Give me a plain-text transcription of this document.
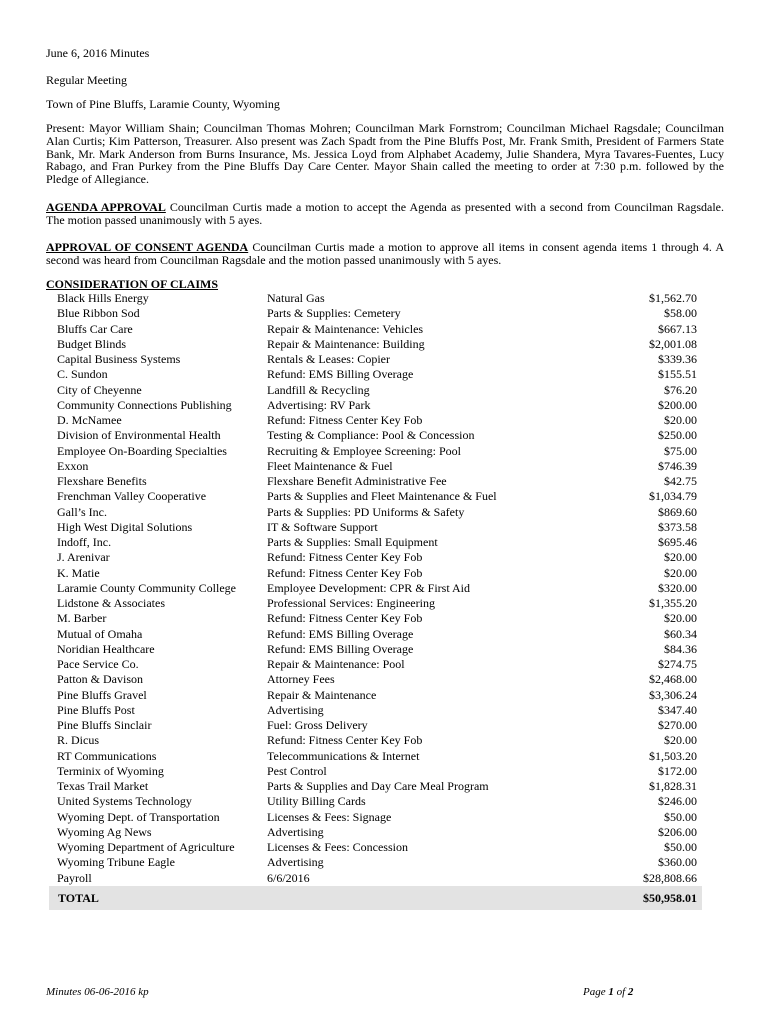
June 6, 2016 Minutes
Regular Meeting
Town of Pine Bluffs, Laramie County, Wyoming
Present: Mayor William Shain; Councilman Thomas Mohren; Councilman Mark Fornstrom; Councilman Michael Ragsdale; Councilman Alan Curtis; Kim Patterson, Treasurer. Also present was Zach Spadt from the Pine Bluffs Post, Mr. Frank Smith, President of Farmers State Bank, Mr. Mark Anderson from Burns Insurance, Ms. Jessica Loyd from Alphabet Academy, Julie Shandera, Myra Tavares-Fuentes, Lucy Rabago, and Fran Purkey from the Pine Bluffs Day Care Center. Mayor Shain called the meeting to order at 7:30 p.m. followed by the Pledge of Allegiance.
AGENDA APPROVAL Councilman Curtis made a motion to accept the Agenda as presented with a second from Councilman Ragsdale. The motion passed unanimously with 5 ayes.
APPROVAL OF CONSENT AGENDA Councilman Curtis made a motion to approve all items in consent agenda items 1 through 4. A second was heard from Councilman Ragsdale and the motion passed unanimously with 5 ayes.
CONSIDERATION OF CLAIMS
Black Hills Energy	Natural Gas	$1,562.70
Blue Ribbon Sod	Parts & Supplies: Cemetery	$58.00
Bluffs Car Care	Repair & Maintenance: Vehicles	$667.13
Budget Blinds	Repair & Maintenance: Building	$2,001.08
Capital Business Systems	Rentals & Leases: Copier	$339.36
C. Sundon	Refund: EMS Billing Overage	$155.51
City of Cheyenne	Landfill & Recycling	$76.20
Community Connections Publishing	Advertising: RV Park	$200.00
D. McNamee	Refund: Fitness Center Key Fob	$20.00
Division of Environmental Health	Testing & Compliance: Pool & Concession	$250.00
Employee On-Boarding Specialties	Recruiting & Employee Screening: Pool	$75.00
Exxon	Fleet Maintenance & Fuel	$746.39
Flexshare Benefits	Flexshare Benefit Administrative Fee	$42.75
Frenchman Valley Cooperative	Parts & Supplies and Fleet Maintenance & Fuel	$1,034.79
Gall’s Inc.	Parts & Supplies: PD Uniforms & Safety	$869.60
High West Digital Solutions	IT & Software Support	$373.58
Indoff, Inc.	Parts & Supplies: Small Equipment	$695.46
J. Arenivar	Refund: Fitness Center Key Fob	$20.00
K. Matie	Refund: Fitness Center Key Fob	$20.00
Laramie County Community College	Employee Development: CPR & First Aid	$320.00
Lidstone & Associates	Professional Services: Engineering	$1,355.20
M. Barber	Refund: Fitness Center Key Fob	$20.00
Mutual of Omaha	Refund: EMS Billing Overage	$60.34
Noridian Healthcare	Refund: EMS Billing Overage	$84.36
Pace Service Co.	Repair & Maintenance: Pool	$274.75
Patton & Davison	Attorney Fees	$2,468.00
Pine Bluffs Gravel	Repair & Maintenance	$3,306.24
Pine Bluffs Post	Advertising	$347.40
Pine Bluffs Sinclair	Fuel: Gross Delivery	$270.00
R. Dicus	Refund: Fitness Center Key Fob	$20.00
RT Communications	Telecommunications & Internet	$1,503.20
Terminix of Wyoming	Pest Control	$172.00
Texas Trail Market	Parts & Supplies and Day Care Meal Program	$1,828.31
United Systems Technology	Utility Billing Cards	$246.00
Wyoming Dept. of Transportation	Licenses & Fees: Signage	$50.00
Wyoming Ag News	Advertising	$206.00
Wyoming Department of Agriculture	Licenses & Fees: Concession	$50.00
Wyoming Tribune Eagle	Advertising	$360.00
Payroll	6/6/2016	$28,808.66
TOTAL	$50,958.01
Minutes 06-06-2016 kp	Page 1 of 2
